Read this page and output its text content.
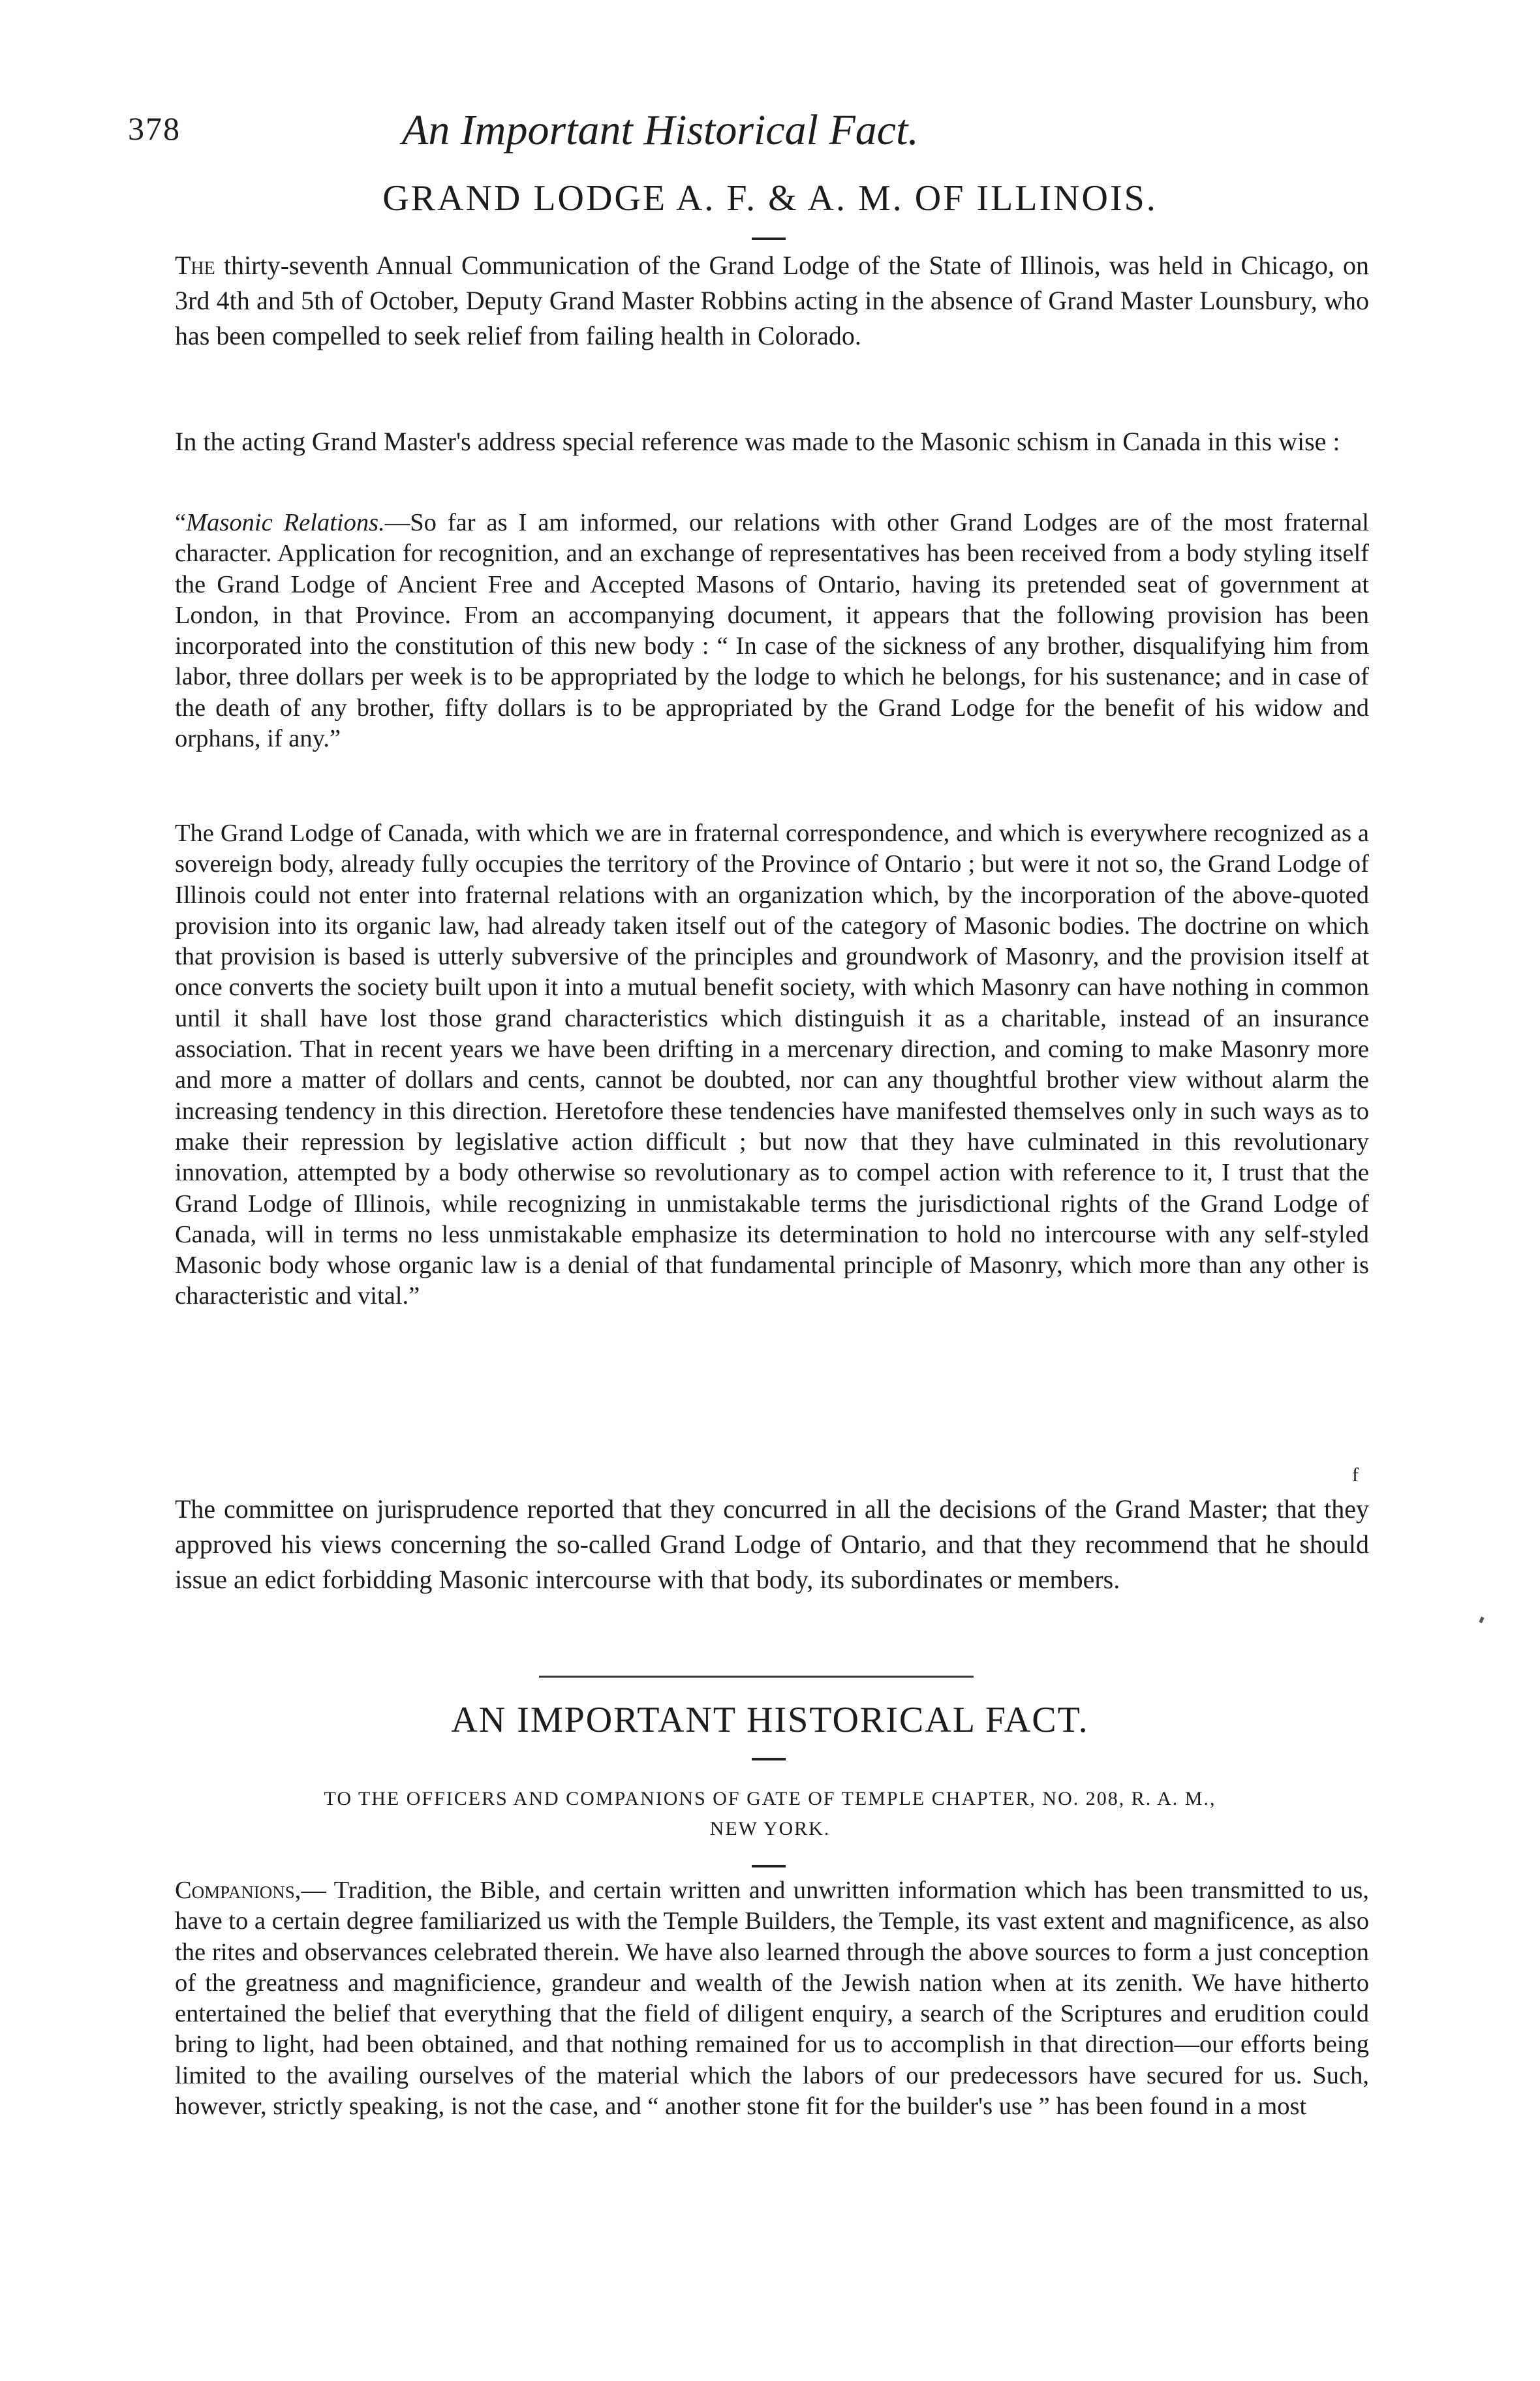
378	An Important Historical Fact.
GRAND LODGE A. F. & A. M. OF ILLINOIS.

The thirty-seventh Annual Communication of the Grand Lodge of the State of Illinois, was held in Chicago, on 3rd 4th and 5th of October, Deputy Grand Master Robbins acting in the absence of Grand Master Lounsbury, who has been compelled to seek relief from failing health in Colorado.

In the acting Grand Master's address special reference was made to the Masonic schism in Canada in this wise :

“Masonic Relations.—So far as I am informed, our relations with other Grand Lodges are of the most fraternal character. Application for recognition, and an exchange of representatives has been received from a body styling itself the Grand Lodge of Ancient Free and Accepted Masons of Ontario, having its pretended seat of government at London, in that Province. From an accompanying document, it appears that the following provision has been incorporated into the constitution of this new body : “ In case of the sickness of any brother, disqualifying him from labor, three dollars per week is to be appropriated by the lodge to which he belongs, for his sustenance; and in case of the death of any brother, fifty dollars is to be appropriated by the Grand Lodge for the benefit of his widow and orphans, if any.”

The Grand Lodge of Canada, with which we are in fraternal correspondence, and which is everywhere recognized as a sovereign body, already fully occupies the territory of the Province of Ontario ; but were it not so, the Grand Lodge of Illinois could not enter into fraternal relations with an organization which, by the incorporation of the above-quoted provision into its organic law, had already taken itself out of the category of Masonic bodies. The doctrine on which that provision is based is utterly subversive of the principles and groundwork of Masonry, and the provision itself at once converts the society built upon it into a mutual benefit society, with which Masonry can have nothing in common until it shall have lost those grand characteristics which distinguish it as a charitable, instead of an insurance association. That in recent years we have been drifting in a mercenary direction, and coming to make Masonry more and more a matter of dollars and cents, cannot be doubted, nor can any thoughtful brother view without alarm the increasing tendency in this direction. Heretofore these tendencies have manifested themselves only in such ways as to make their repression by legislative action difficult ; but now that they have culminated in this revolutionary innovation, attempted by a body otherwise so revolutionary as to compel action with reference to it, I trust that the Grand Lodge of Illinois, while recognizing in unmistakable terms the jurisdictional rights of the Grand Lodge of Canada, will in terms no less unmistakable emphasize its determination to hold no intercourse with any self-styled Masonic body whose organic law is a denial of that fundamental principle of Masonry, which more than any other is characteristic and vital.”

The committee on jurisprudence reported that they concurred in all the decisions of the Grand Master; that they approved his views concerning the so-called Grand Lodge of Ontario, and that they recommend that he should issue an edict forbidding Masonic intercourse with that body, its subordinates or members.

f
AN IMPORTANT HISTORICAL FACT.
TO THE OFFICERS AND COMPANIONS OF GATE OF TEMPLE CHAPTER, NO. 208, R. A. M.,
NEW YORK.

Companions,— Tradition, the Bible, and certain written and unwritten information which has been transmitted to us, have to a certain degree familiarized us with the Temple Builders, the Temple, its vast extent and magnificence, as also the rites and observances celebrated therein. We have also learned through the above sources to form a just conception of the greatness and magnificience, grandeur and wealth of the Jewish nation when at its zenith. We have hitherto entertained the belief that everything that the field of diligent enquiry, a search of the Scriptures and erudition could bring to light, had been obtained, and that nothing remained for us to accomplish in that direction—our efforts being limited to the availing ourselves of the material which the labors of our predecessors have secured for us. Such, however, strictly speaking, is not the case, and “ another stone fit for the builder's use ” has been found in a most
